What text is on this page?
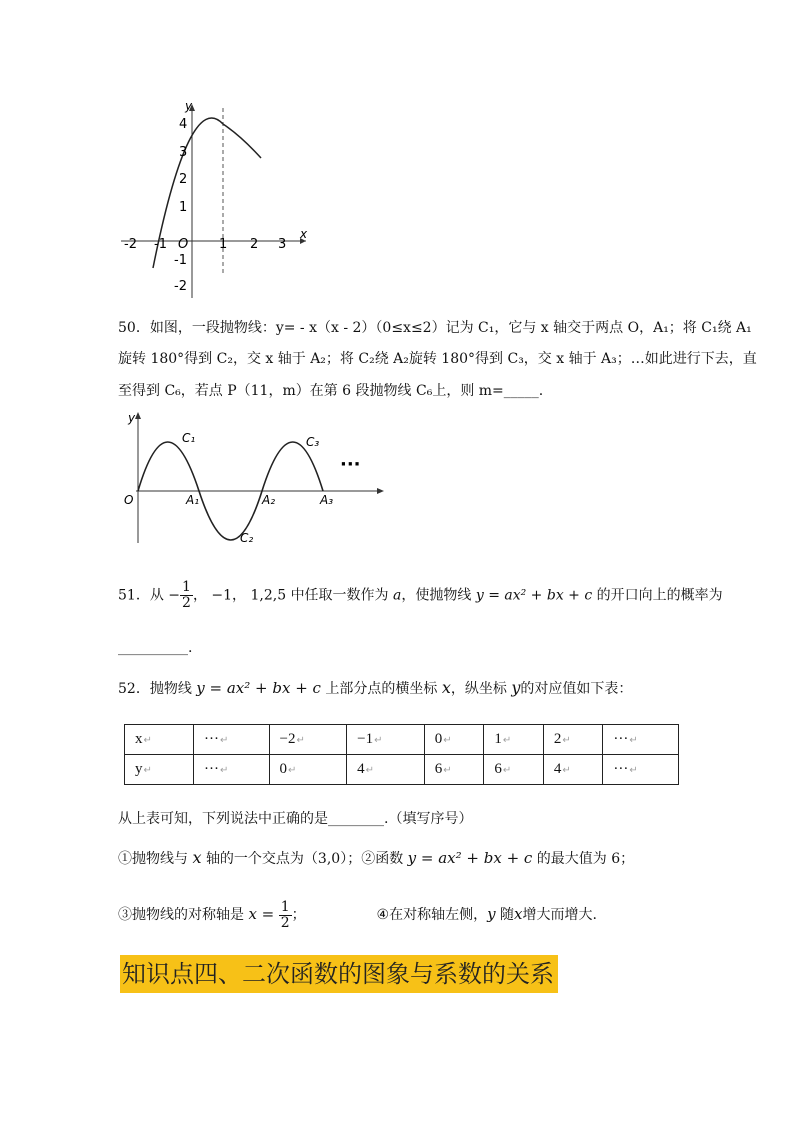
y
x
-2 -1 O 1 2 3
4
3
2
1
-1
-2
50．如图，一段抛物线：y= - x（x - 2）（0≤x≤2）记为 C₁，它与 x 轴交于两点 O，A₁；将 C₁绕 A₁
旋转 180°得到 C₂，交 x 轴于 A₂；将 C₂绕 A₂旋转 180°得到 C₃，交 x 轴于 A₃；…如此进行下去，直
至得到 C₆，若点 P（11，m）在第 6 段抛物线 C₆上，则 m=_____.
y
O
C₁
C₂
C₃
A₁	A₂	A₃
···
51．从 − $\frac{1}{2}$ ， −1， 1,2,5 中任取一数作为 a，使抛物线 y = ax² + bx + c 的开口向上的概率为
__________.
52．抛物线 y = ax² + bx + c 上部分点的横坐标 x，纵坐标 y的对应值如下表：
x↵	···↵	−2↵	−1↵	0↵	1↵	2↵	···↵
y↵	···↵	0↵	4↵	6↵	6↵	4↵	···↵
从上表可知，下列说法中正确的是________.（填写序号）
①抛物线与 x 轴的一个交点为（3,0）；②函数 y = ax² + bx + c 的最大值为 6；
③抛物线的对称轴是 $x = \frac{1}{2}$ ；	④在对称轴左侧，y 随x增大而增大.
知识点四、二次函数的图象与系数的关系
